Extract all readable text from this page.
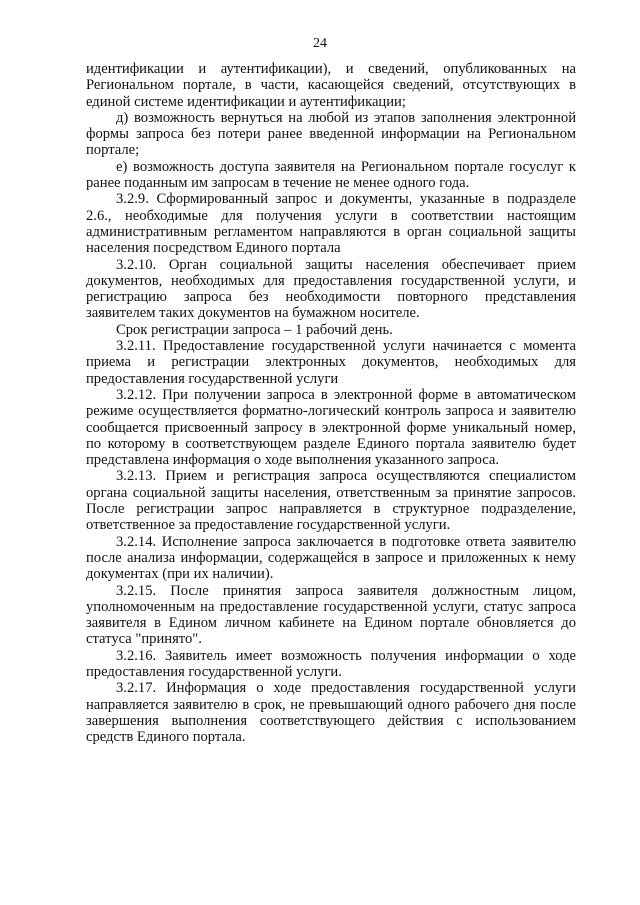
24

идентификации и аутентификации), и сведений, опубликованных на Региональном портале, в части, касающейся сведений, отсутствующих в единой системе идентификации и аутентификации;

д) возможность вернуться на любой из этапов заполнения электронной формы запроса без потери ранее введенной информации на Региональном портале;

е) возможность доступа заявителя на Региональном портале госуслуг к ранее поданным им запросам в течение не менее одного года.

3.2.9. Сформированный запрос и документы, указанные в подразделе 2.6., необходимые для получения услуги в соответствии настоящим административным регламентом направляются в орган социальной защиты населения посредством Единого портала

3.2.10. Орган социальной защиты населения обеспечивает прием документов, необходимых для предоставления государственной услуги, и регистрацию запроса без необходимости повторного представления заявителем таких документов на бумажном носителе.

Срок регистрации запроса – 1 рабочий день.

3.2.11. Предоставление государственной услуги начинается с момента приема и регистрации электронных документов, необходимых для предоставления государственной услуги

3.2.12. При получении запроса в электронной форме в автоматическом режиме осуществляется форматно-логический контроль запроса и заявителю сообщается присвоенный запросу в электронной форме уникальный номер, по которому в соответствующем разделе Единого портала заявителю будет представлена информация о ходе выполнения указанного запроса.

3.2.13. Прием и регистрация запроса осуществляются специалистом органа социальной защиты населения, ответственным за принятие запросов. После регистрации запрос направляется в структурное подразделение, ответственное за предоставление государственной услуги.

3.2.14. Исполнение запроса заключается в подготовке ответа заявителю после анализа информации, содержащейся в запросе и приложенных к нему документах (при их наличии).

3.2.15. После принятия запроса заявителя должностным лицом, уполномоченным на предоставление государственной услуги, статус запроса заявителя в Едином личном кабинете на Едином портале обновляется до статуса "принято".

3.2.16. Заявитель имеет возможность получения информации о ходе предоставления государственной услуги.

3.2.17. Информация о ходе предоставления государственной услуги направляется заявителю в срок, не превышающий одного рабочего дня после завершения выполнения соответствующего действия с использованием средств Единого портала.
